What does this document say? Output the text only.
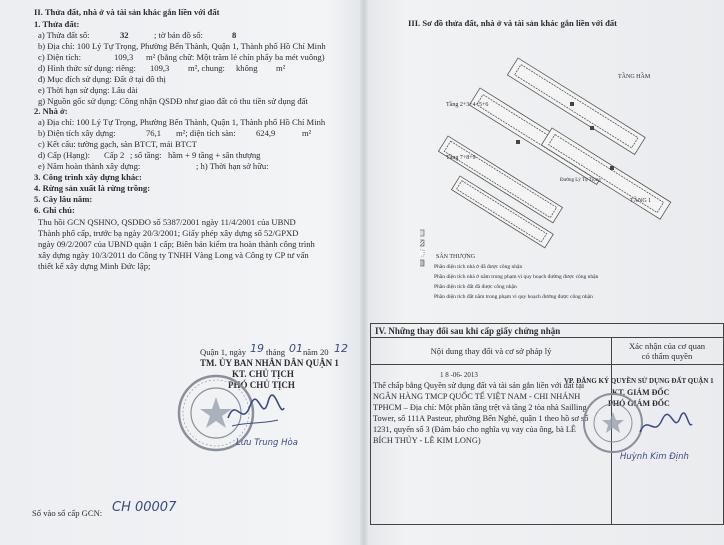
II. Thửa đất, nhà ở và tài sản khác gắn liền với đất
1. Thửa đất:
a) Thửa đất số:	32	; tờ bản đồ số:	8
b) Địa chỉ: 100 Lý Tự Trọng, Phường Bến Thành, Quận 1, Thành phố Hồ Chí Minh
c) Diện tích:	109,3 m² (bằng chữ: Một trăm lẻ chín phẩy ba mét vuông)
d) Hình thức sử dụng: riêng: 109,3 m², chung: không m²
đ) Mục đích sử dụng: Đất ở tại đô thị
e) Thời hạn sử dụng: Lâu dài
g) Nguồn gốc sử dụng: Công nhận QSDĐ như giao đất có thu tiền sử dụng đất
2. Nhà ở:
a) Địa chỉ: 100 Lý Tự Trọng, Phường Bến Thành, Quận 1, Thành phố Hồ Chí Minh
b) Diện tích xây dựng:	76,1 m²; diện tích sàn: 624,9	m²
c) Kết cấu: tường gạch, sàn BTCT, mái BTCT
d) Cấp (Hạng): Cấp 2 ; số tầng: hầm + 9 tầng + sân thượng
e) Năm hoàn thành xây dựng:	; h) Thời hạn sở hữu:
3. Công trình xây dựng khác:
4. Rừng sản xuất là rừng trồng:
5. Cây lâu năm:
6. Ghi chú:
Thu hồi GCN QSHNO, QSDĐO số 5387/2001 ngày 11/4/2001 của UBND
Thành phố cấp, trước bạ ngày 20/3/2001; Giấy phép xây dựng số 52/GPXD
ngày 09/2/2007 của UBND quận 1 cấp; Biên bản kiểm tra hoàn thành công trình
xây dựng ngày 10/3/2011 do Công ty TNHH Vàng Long và Công ty CP tư vấn
thiết kế xây dựng Minh Đức lập;
Quận 1, ngày 19 tháng 01 năm 20 12
TM. ỦY BAN NHÂN DÂN QUẬN 1
KT. CHỦ TỊCH
PHÓ CHỦ TỊCH
Lưu Trung Hòa
Số vào sổ cấp GCN: CH 00007
III. Sơ đồ thửa đất, nhà ở và tài sản khác gắn liền với đất
TẦNG HẦM
Tầng 2+3+4+5+6
Tầng 7+8+9
TẦNG 1
SÂN THƯỢNG
Đường Lý Tự Trọng
Phần diện tích nhà ở đã được công nhận
Phần diện tích nhà ở nằm trong phạm vi quy hoạch đường được công nhận
Phần diện tích đất đã được công nhận
Phần diện tích đất nằm trong phạm vi quy hoạch đường được công nhận
IV. Những thay đổi sau khi cấp giấy chứng nhận
Nội dung thay đổi và cơ sở pháp lý	Xác nhận của cơ quan
có thẩm quyền
1 8 -06- 2013
Thế chấp bằng Quyền sử dụng đất và tài sản gắn liền với đất tại
NGÂN HÀNG TMCP QUỐC TẾ VIỆT NAM - CHI NHÁNH
TPHCM – Địa chỉ: Một phần tầng trệt và tầng 2 tòa nhà Sailling
Tower, số 111A Pasteur, phường Bến Nghé, quận 1 theo hồ sơ số
1231, quyển số 3 (Đảm bảo cho nghĩa vụ vay của ông, bà LÊ
BÍCH THỦY - LÊ KIM LONG)
VP. ĐĂNG KÝ QUYỀN SỬ DỤNG ĐẤT QUẬN 1
KT. GIÁM ĐỐC
PHÓ GIÁM ĐỐC
Huỳnh Kim Định
